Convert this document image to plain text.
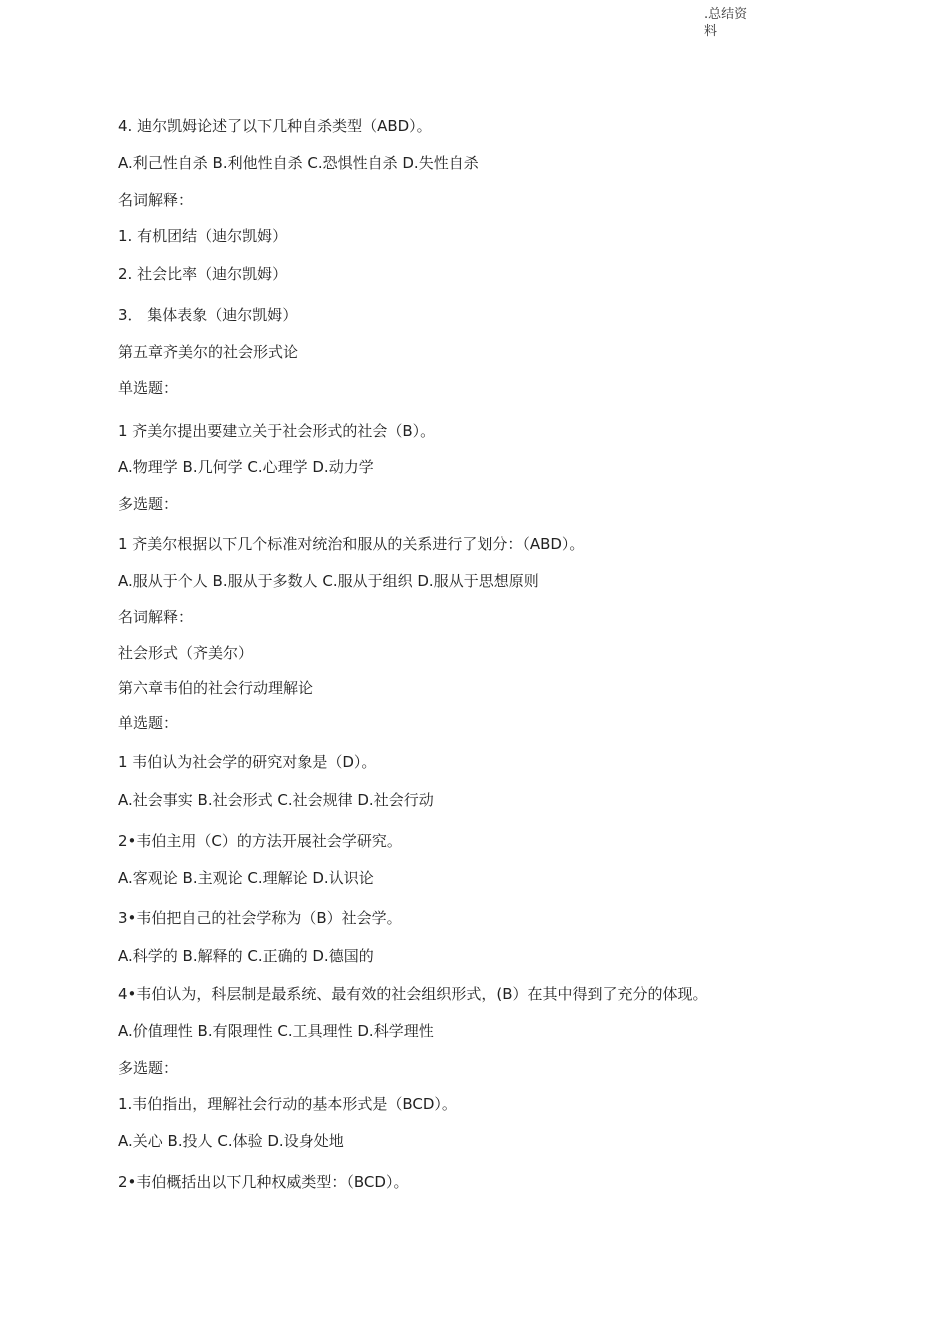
.总结资料
4. 迪尔凯姆论述了以下几种自杀类型（ABD）。
A.利己性自杀 B.利他性自杀 C.恐惧性自杀 D.失性自杀
名词解释：
1. 有机团结（迪尔凯姆）
2. 社会比率（迪尔凯姆）
3． 集体表象（迪尔凯姆）
第五章齐美尔的社会形式论
单选题：
1 齐美尔提出要建立关于社会形式的社会（B）。
A.物理学 B.几何学 C.心理学 D.动力学
多选题：
1 齐美尔根据以下几个标准对统治和服从的关系进行了划分：（ABD）。
A.服从于个人 B.服从于多数人 C.服从于组织 D.服从于思想原则
名词解释：
社会形式（齐美尔）
第六章韦伯的社会行动理解论
单选题：
1 韦伯认为社会学的研究对象是（D）。
A.社会事实 B.社会形式 C.社会规律 D.社会行动
2•韦伯主用（C）的方法开展社会学研究。
A.客观论 B.主观论 C.理解论 D.认识论
3•韦伯把自己的社会学称为（B）社会学。
A.科学的 B.解释的 C.正确的 D.德国的
4•韦伯认为，科层制是最系统、最有效的社会组织形式，(B）在其中得到了充分的体现。
A.价值理性 B.有限理性 C.工具理性 D.科学理性
多选题：
1.韦伯指出，理解社会行动的基本形式是（BCD）。
A.关心 B.投人 C.体验 D.设身处地
2•韦伯概括出以下几种权威类型：（BCD）。
